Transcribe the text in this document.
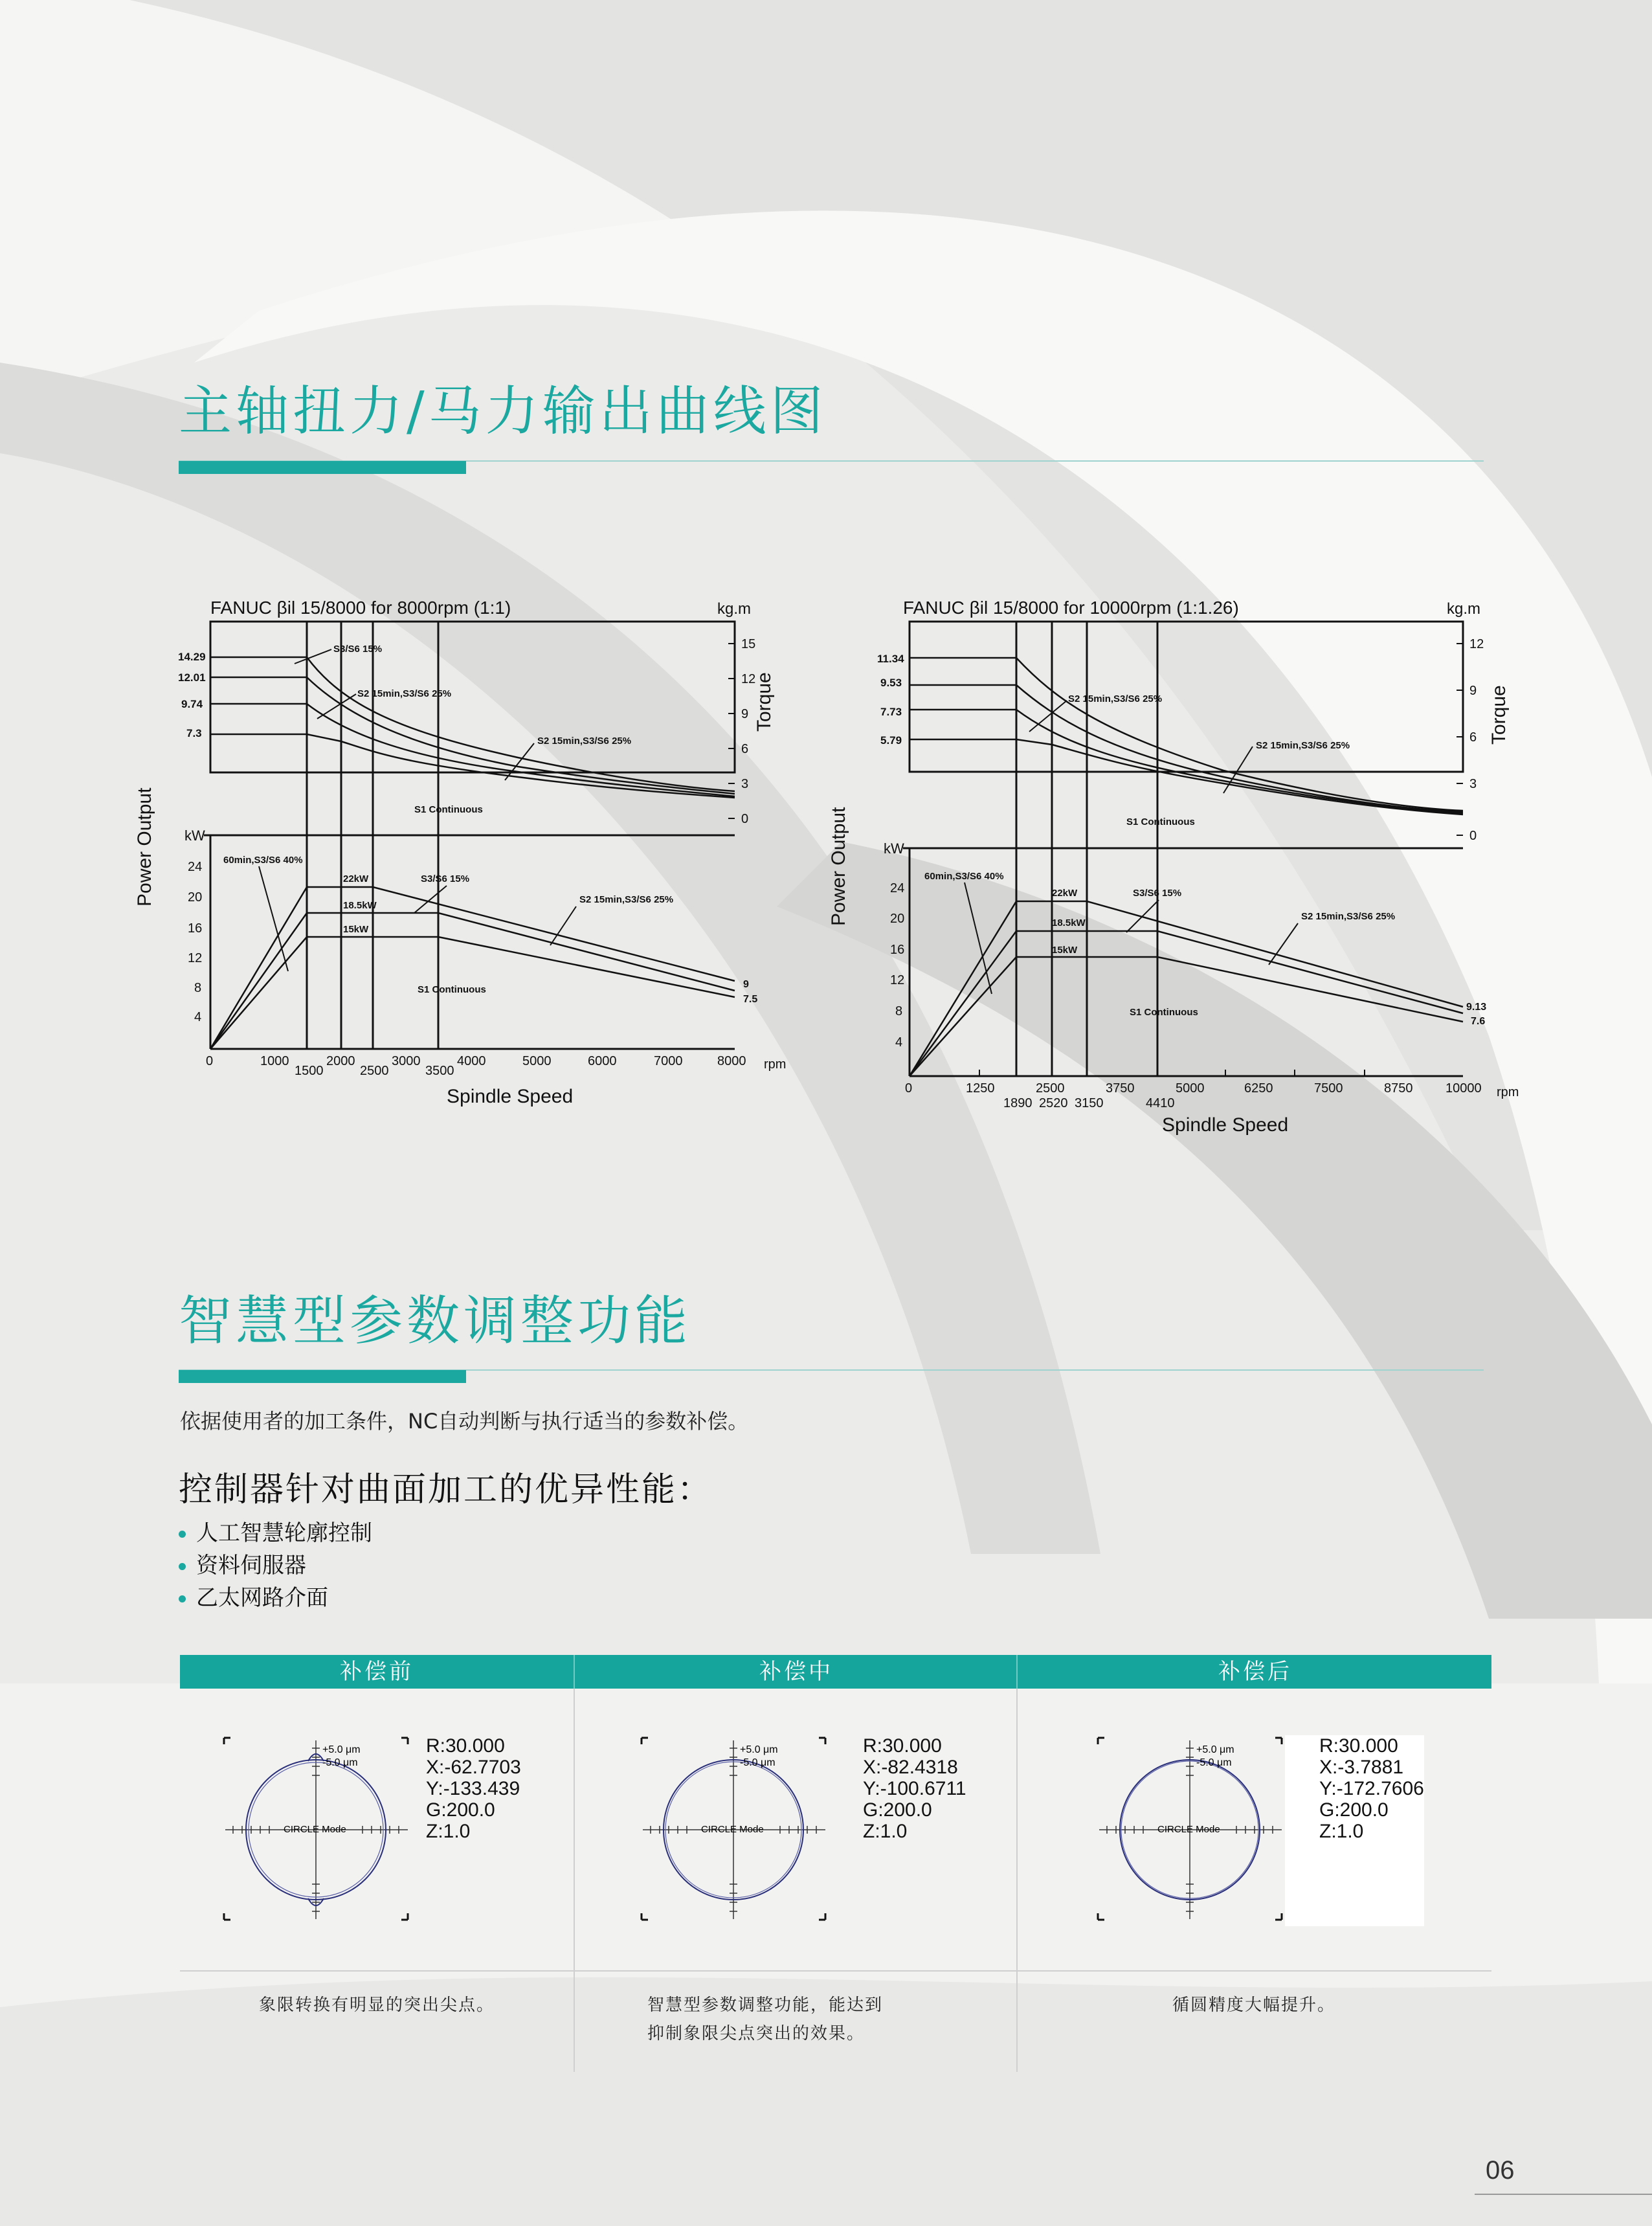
主轴扭力/马力输出曲线图
FANUC βil 15/8000 for 8000rpm (1:1)	kg.m
15
12
9
6
3
0
Torque
14.29
12.01
9.74
7.3
S3/S6 15%
S2 15min,S3/S6 25%
S2 15min,S3/S6 25%
S1 Continuous
Power Output kW
24
20
16
12
8
4
60min,S3/S6 40%
22kW
18.5kW
15kW
S3/S6 15%
S2 15min,S3/S6 25%
S1 Continuous	9
7.5
0	1000	2000	3000	4000	5000	6000	7000	8000
1500	2500	3500	rpm
Spindle Speed
FANUC βil 15/8000 for 10000rpm (1:1.26)	kg.m
12
9
6
3
0
Torque
11.34
9.53
7.73
5.79
S2 15min,S3/S6 25%
S2 15min,S3/S6 25%
S1 Continuous
Power Output kW
24
20
16
12
8
4
60min,S3/S6 40%
22kW
18.5kW
15kW
S3/S6 15%
S2 15min,S3/S6 25%
S1 Continuous	9.13
7.6
0	1250	2500	3750	5000	6250	7500	8750	10000
1890 2520 3150	4410
rpm
Spindle Speed
智慧型参数调整功能
依据使用者的加工条件，NC自动判断与执行适当的参数补偿。
控制器针对曲面加工的优异性能：
人工智慧轮廓控制
资料伺服器
乙太网路介面
补偿前	补偿中	补偿后
+5.0 μm
-5.0 μm
CIRCLE Mode
R:30.000
X:-62.7703
Y:-133.439
G:200.0
Z:1.0
象限转换有明显的突出尖点。
+5.0 μm
-5.0 μm
CIRCLE Mode
R:30.000
X:-82.4318
Y:-100.6711
G:200.0
Z:1.0
智慧型参数调整功能，能达到
抑制象限尖点突出的效果。
+5.0 μm
-5.0 μm
CIRCLE Mode
R:30.000
X:-3.7881
Y:-172.7606
G:200.0
Z:1.0
循圆精度大幅提升。
06
